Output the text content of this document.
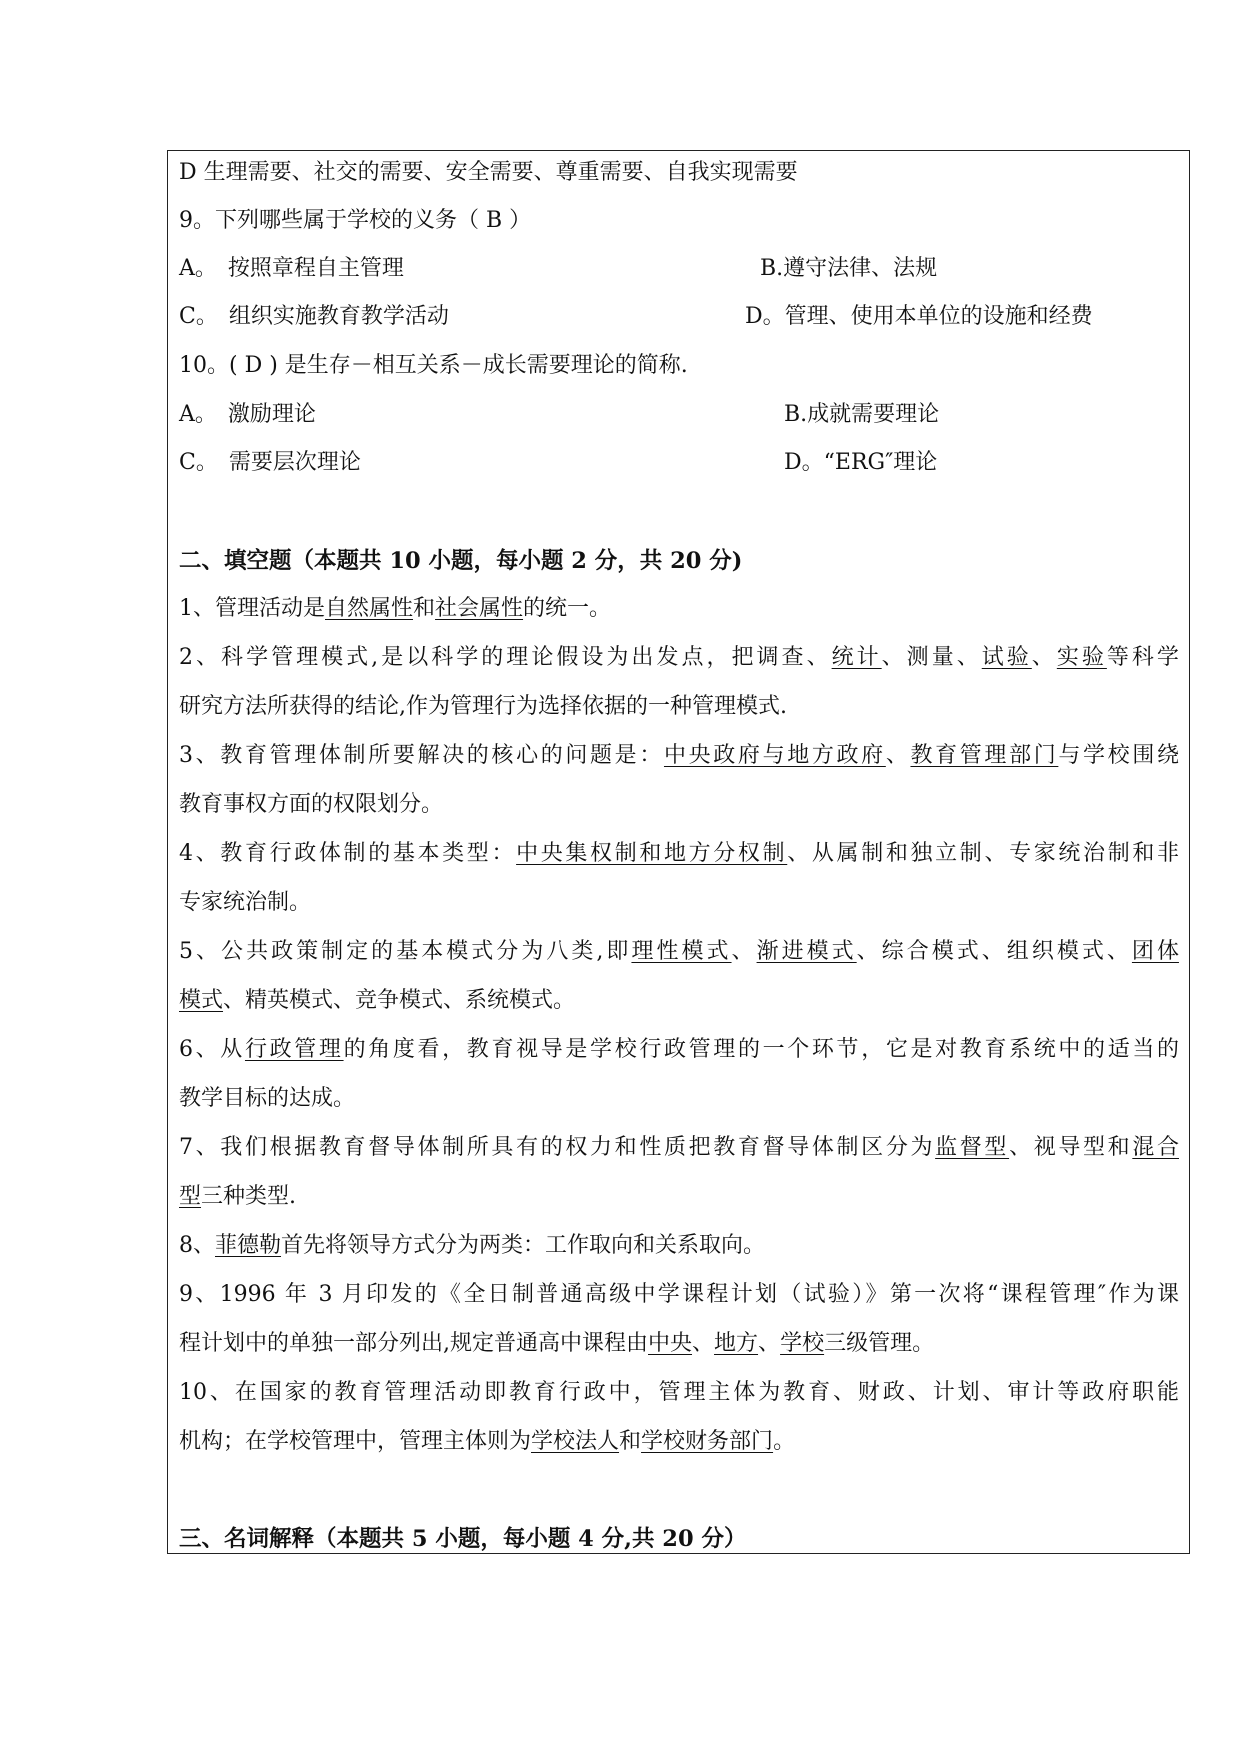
D 生理需要、社交的需要、安全需要、尊重需要、自我实现需要
9。下列哪些属于学校的义务（ B ）
A。　按照章程自主管理	B.遵守法律、法规
C。　组织实施教育教学活动	D。管理、使用本单位的设施和经费
10。( D ) 是生存－相互关系－成长需要理论的简称.
A。　激励理论	B.成就需要理论
C。　需要层次理论	D。“ERG″理论
二、填空题（本题共 10 小题，每小题 2 分，共 20 分)
1、管理活动是自然属性和社会属性的统一。
2、科学管理模式,是以科学的理论假设为出发点，把调查、统计、测量、试验、实验等科学
研究方法所获得的结论,作为管理行为选择依据的一种管理模式.
3、教育管理体制所要解决的核心的问题是：中央政府与地方政府、教育管理部门与学校围绕
教育事权方面的权限划分。
4、教育行政体制的基本类型：中央集权制和地方分权制、从属制和独立制、专家统治制和非
专家统治制。
5、公共政策制定的基本模式分为八类,即理性模式、渐进模式、综合模式、组织模式、团体
模式、精英模式、竞争模式、系统模式。
6、从行政管理的角度看，教育视导是学校行政管理的一个环节，它是对教育系统中的适当的
教学目标的达成。
7、我们根据教育督导体制所具有的权力和性质把教育督导体制区分为监督型、视导型和混合
型三种类型.
8、菲德勒首先将领导方式分为两类：工作取向和关系取向。
9、1996 年 3 月印发的《全日制普通高级中学课程计划（试验）》第一次将“课程管理″作为课
程计划中的单独一部分列出,规定普通高中课程由中央、地方、学校三级管理。
10、在国家的教育管理活动即教育行政中，管理主体为教育、财政、计划、审计等政府职能
机构；在学校管理中，管理主体则为学校法人和学校财务部门。
三、名词解释（本题共 5 小题，每小题 4 分,共 20 分）
